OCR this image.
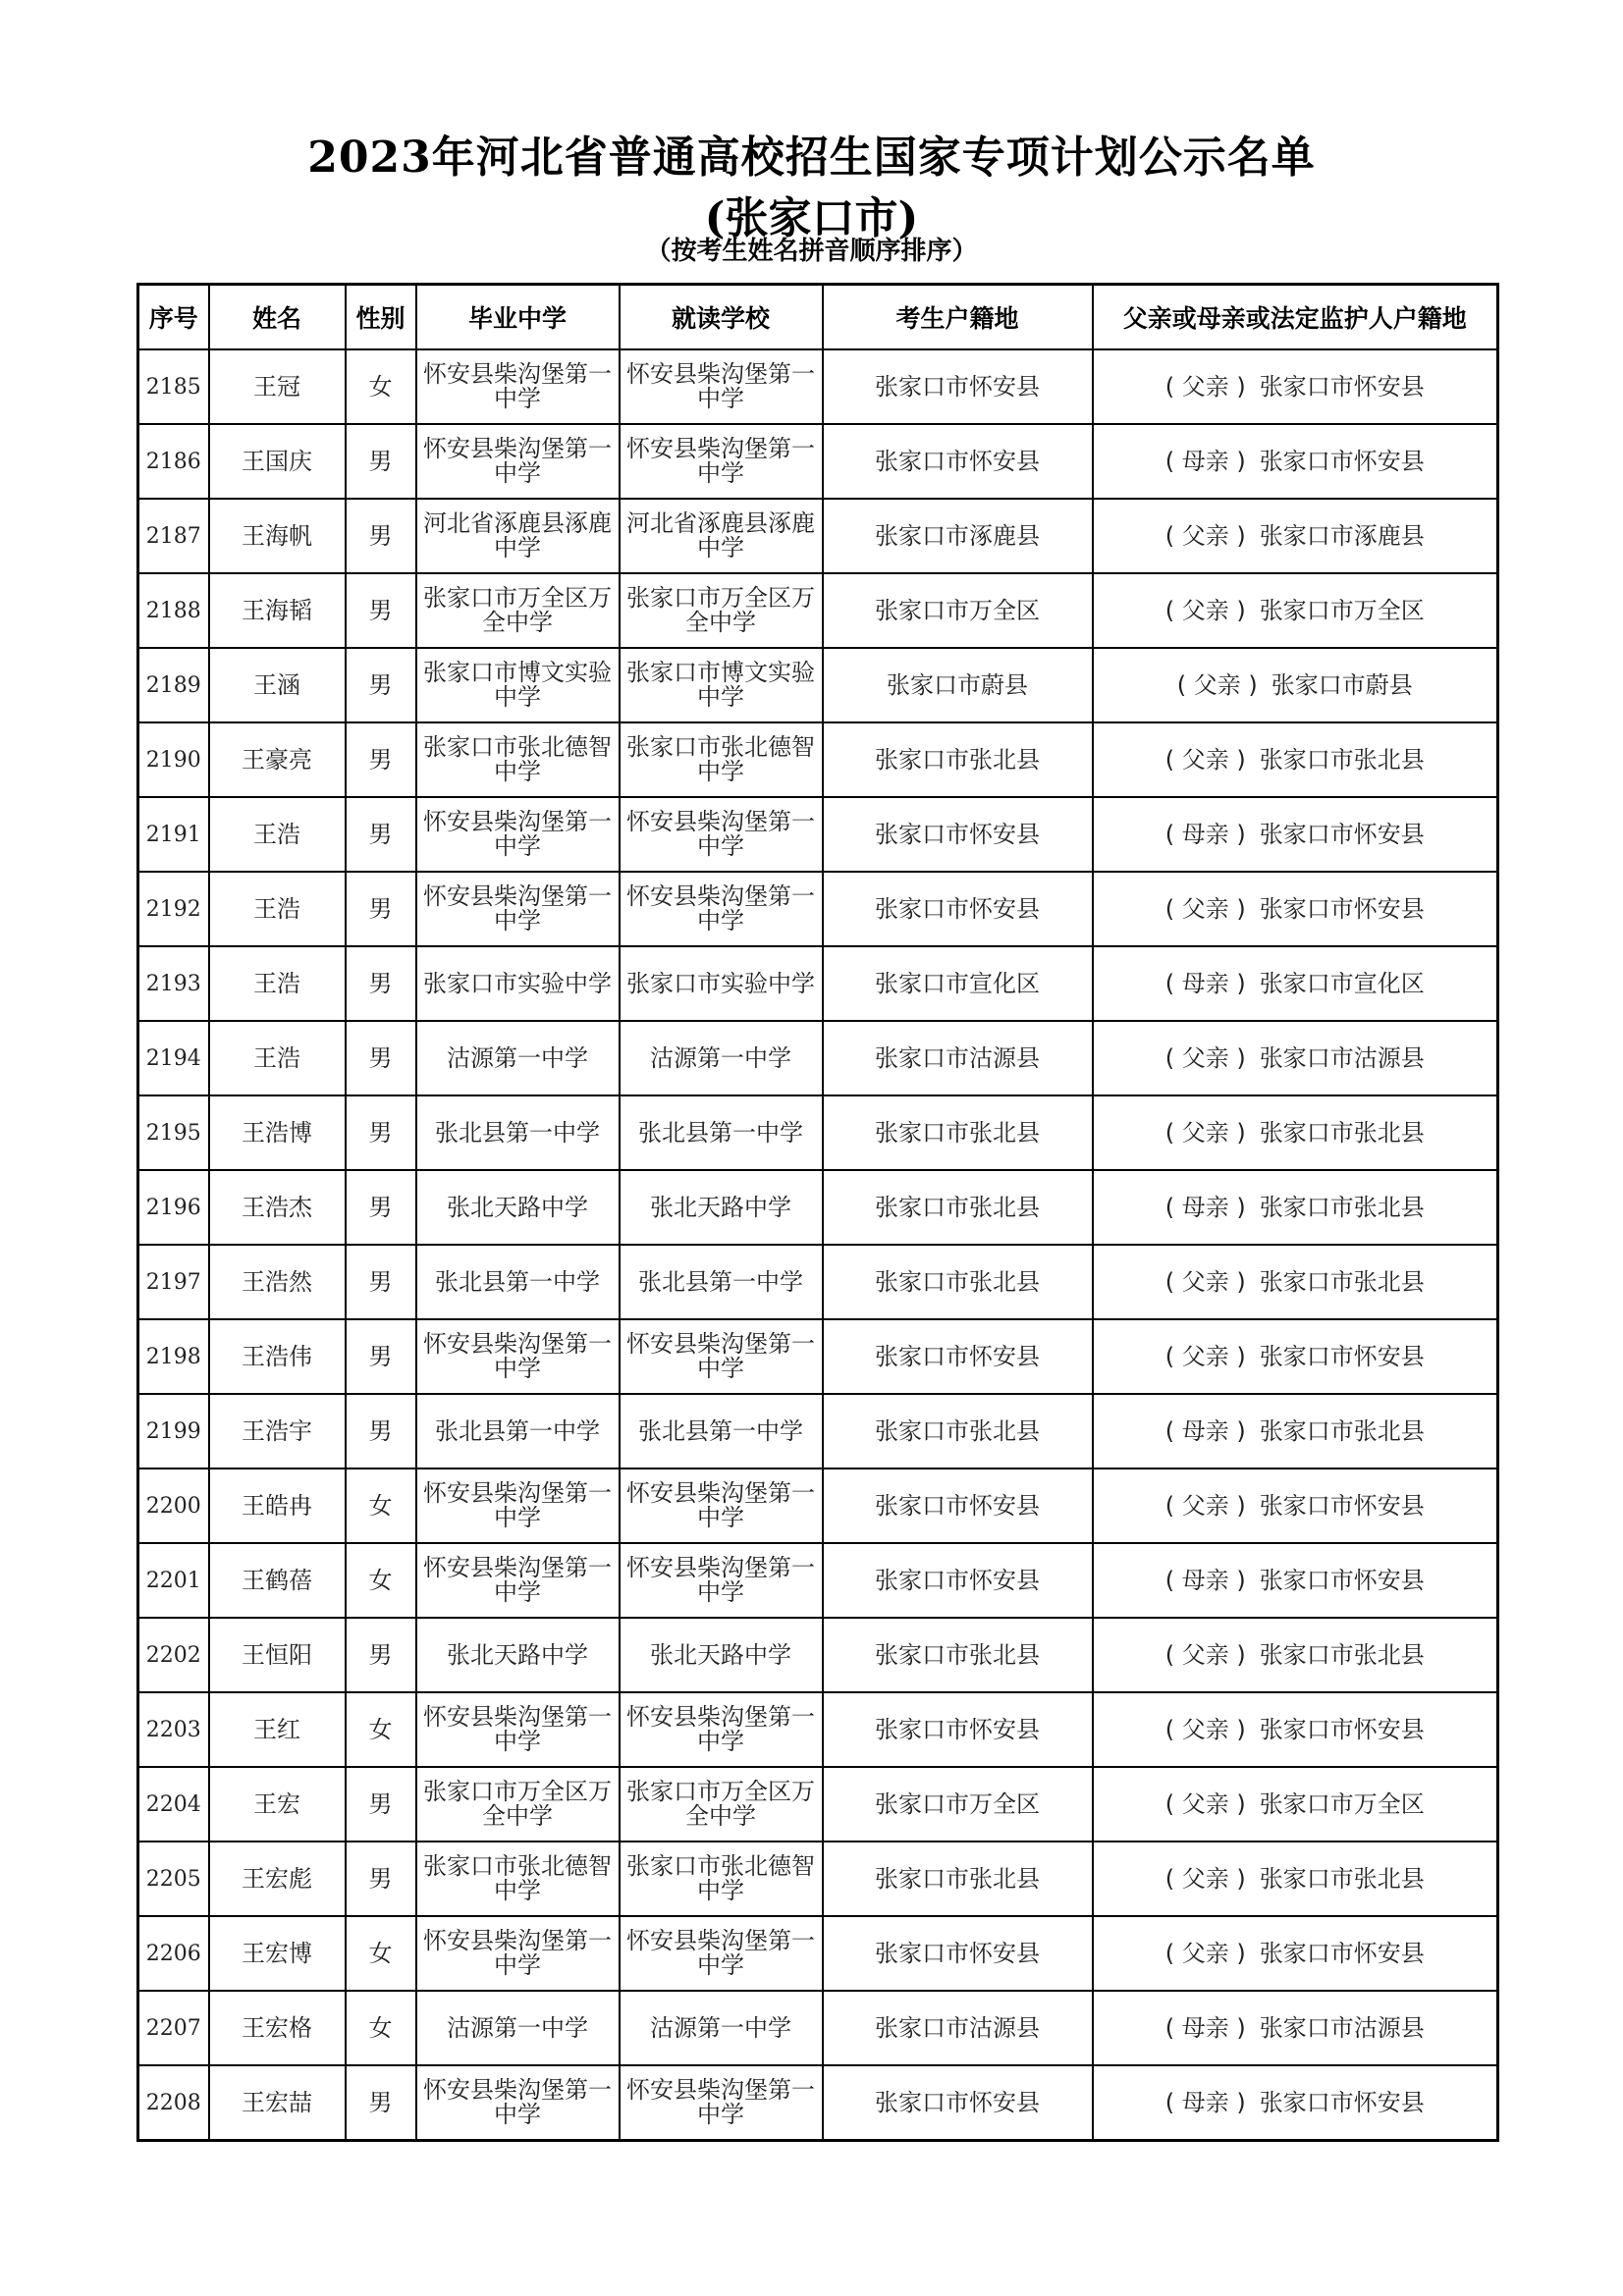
2023年河北省普通高校招生国家专项计划公示名单
(张家口市)
（按考生姓名拼音顺序排序）
序号	姓名	性别	毕业中学	就读学校	考生户籍地	父亲或母亲或法定监护人户籍地
2185	王冠	女	怀安县柴沟堡第一中学	怀安县柴沟堡第一中学	张家口市怀安县	( 父亲 ) 张家口市怀安县
2186	王国庆	男	怀安县柴沟堡第一中学	怀安县柴沟堡第一中学	张家口市怀安县	( 母亲 ) 张家口市怀安县
2187	王海帆	男	河北省涿鹿县涿鹿中学	河北省涿鹿县涿鹿中学	张家口市涿鹿县	( 父亲 ) 张家口市涿鹿县
2188	王海韬	男	张家口市万全区万全中学	张家口市万全区万全中学	张家口市万全区	( 父亲 ) 张家口市万全区
2189	王涵	男	张家口市博文实验中学	张家口市博文实验中学	张家口市蔚县	( 父亲 ) 张家口市蔚县
2190	王豪亮	男	张家口市张北德智中学	张家口市张北德智中学	张家口市张北县	( 父亲 ) 张家口市张北县
2191	王浩	男	怀安县柴沟堡第一中学	怀安县柴沟堡第一中学	张家口市怀安县	( 母亲 ) 张家口市怀安县
2192	王浩	男	怀安县柴沟堡第一中学	怀安县柴沟堡第一中学	张家口市怀安县	( 父亲 ) 张家口市怀安县
2193	王浩	男	张家口市实验中学	张家口市实验中学	张家口市宣化区	( 母亲 ) 张家口市宣化区
2194	王浩	男	沽源第一中学	沽源第一中学	张家口市沽源县	( 父亲 ) 张家口市沽源县
2195	王浩博	男	张北县第一中学	张北县第一中学	张家口市张北县	( 父亲 ) 张家口市张北县
2196	王浩杰	男	张北天路中学	张北天路中学	张家口市张北县	( 母亲 ) 张家口市张北县
2197	王浩然	男	张北县第一中学	张北县第一中学	张家口市张北县	( 父亲 ) 张家口市张北县
2198	王浩伟	男	怀安县柴沟堡第一中学	怀安县柴沟堡第一中学	张家口市怀安县	( 父亲 ) 张家口市怀安县
2199	王浩宇	男	张北县第一中学	张北县第一中学	张家口市张北县	( 母亲 ) 张家口市张北县
2200	王皓冉	女	怀安县柴沟堡第一中学	怀安县柴沟堡第一中学	张家口市怀安县	( 父亲 ) 张家口市怀安县
2201	王鹤蓓	女	怀安县柴沟堡第一中学	怀安县柴沟堡第一中学	张家口市怀安县	( 母亲 ) 张家口市怀安县
2202	王恒阳	男	张北天路中学	张北天路中学	张家口市张北县	( 父亲 ) 张家口市张北县
2203	王红	女	怀安县柴沟堡第一中学	怀安县柴沟堡第一中学	张家口市怀安县	( 父亲 ) 张家口市怀安县
2204	王宏	男	张家口市万全区万全中学	张家口市万全区万全中学	张家口市万全区	( 父亲 ) 张家口市万全区
2205	王宏彪	男	张家口市张北德智中学	张家口市张北德智中学	张家口市张北县	( 父亲 ) 张家口市张北县
2206	王宏博	女	怀安县柴沟堡第一中学	怀安县柴沟堡第一中学	张家口市怀安县	( 父亲 ) 张家口市怀安县
2207	王宏格	女	沽源第一中学	沽源第一中学	张家口市沽源县	( 母亲 ) 张家口市沽源县
2208	王宏喆	男	怀安县柴沟堡第一中学	怀安县柴沟堡第一中学	张家口市怀安县	( 母亲 ) 张家口市怀安县
